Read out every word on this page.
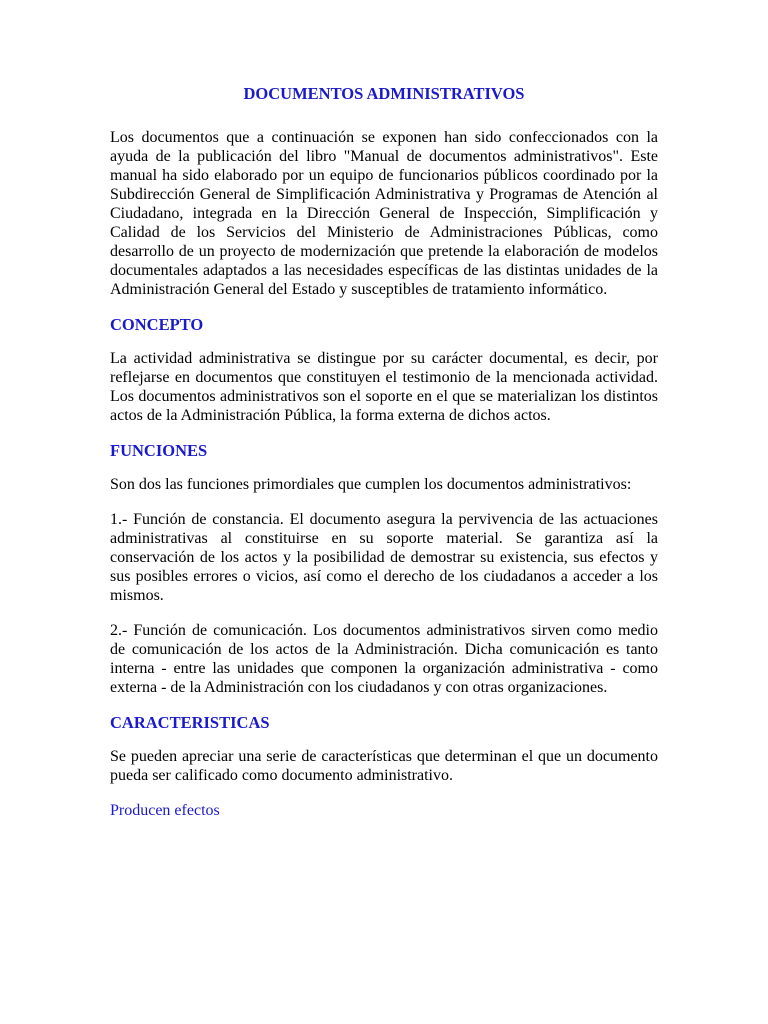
DOCUMENTOS ADMINISTRATIVOS

Los documentos que a continuación se exponen han sido confeccionados con la ayuda de la publicación del libro "Manual de documentos administrativos". Este manual ha sido elaborado por un equipo de funcionarios públicos coordinado por la Subdirección General de Simplificación Administrativa y Programas de Atención al Ciudadano, integrada en la Dirección General de Inspección, Simplificación y Calidad de los Servicios del Ministerio de Administraciones Públicas, como desarrollo de un proyecto de modernización que pretende la elaboración de modelos documentales adaptados a las necesidades específicas de las distintas unidades de la Administración General del Estado y susceptibles de tratamiento informático.

CONCEPTO

La actividad administrativa se distingue por su carácter documental, es decir, por reflejarse en documentos que constituyen el testimonio de la mencionada actividad. Los documentos administrativos son el soporte en el que se materializan los distintos actos de la Administración Pública, la forma externa de dichos actos.

FUNCIONES

Son dos las funciones primordiales que cumplen los documentos administrativos:

1.- Función de constancia. El documento asegura la pervivencia de las actuaciones administrativas al constituirse en su soporte material. Se garantiza así la conservación de los actos y la posibilidad de demostrar su existencia, sus efectos y sus posibles errores o vicios, así como el derecho de los ciudadanos a acceder a los mismos.

2.- Función de comunicación. Los documentos administrativos sirven como medio de comunicación de los actos de la Administración. Dicha comunicación es tanto interna - entre las unidades que componen la organización administrativa - como externa - de la Administración con los ciudadanos y con otras organizaciones.

CARACTERISTICAS

Se pueden apreciar una serie de características que determinan el que un documento pueda ser calificado como documento administrativo.

Producen efectos
